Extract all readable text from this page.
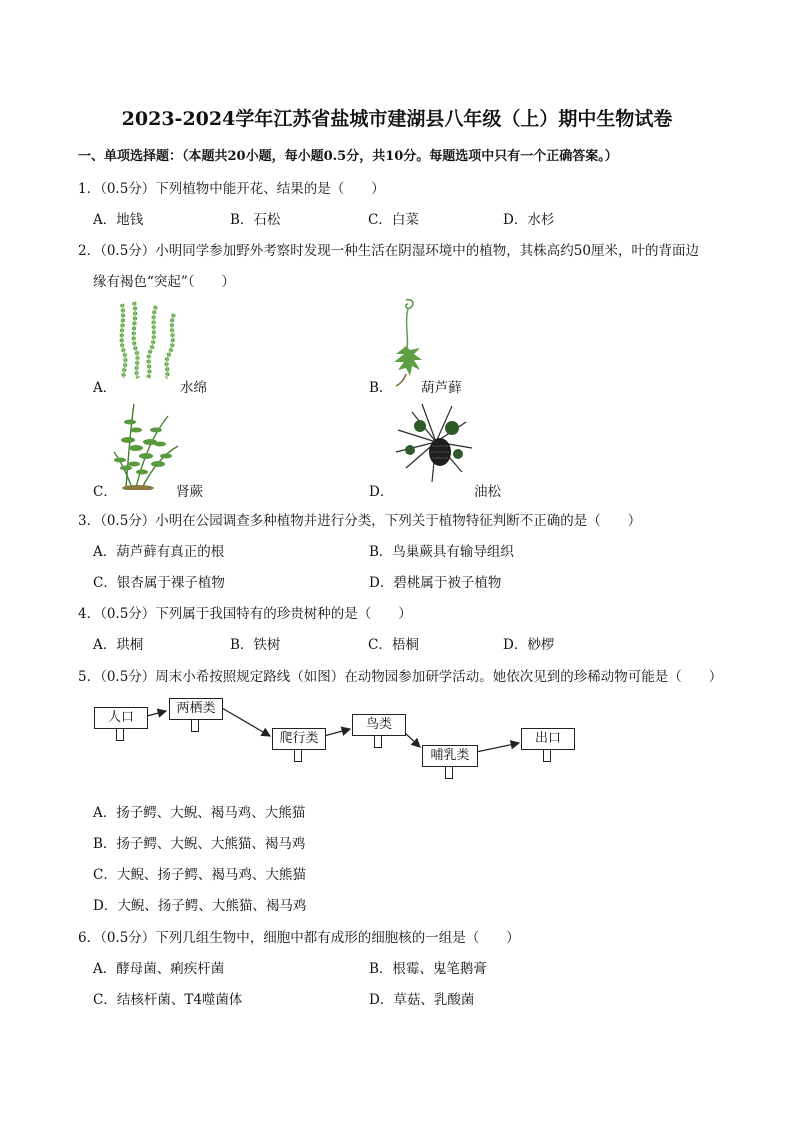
2023-2024学年江苏省盐城市建湖县八年级（上）期中生物试卷
一、单项选择题：（本题共20小题，每小题0.5分，共10分。每题选项中只有一个正确答案。）
1．（0.5分）下列植物中能开花、结果的是（　　）
A．地钱	B．石松	C．白菜	D．水杉
2．（0.5分）小明同学参加野外考察时发现一种生活在阴湿环境中的植物，其株高约50厘米，叶的背面边
缘有褐色“突起”（　　）
A．	水绵	B． 葫芦藓
C．	肾蕨	D．	油松
3．（0.5分）小明在公园调查多种植物并进行分类，下列关于植物特征判断不正确的是（　　）
A．葫芦藓有真正的根	B．鸟巢蕨具有输导组织
C．银杏属于裸子植物	D．碧桃属于被子植物
4．（0.5分）下列属于我国特有的珍贵树种的是（　　）
A．珙桐	B．铁树	C．梧桐	D．桫椤
5．（0.5分）周末小希按照规定路线（如图）在动物园参加研学活动。她依次见到的珍稀动物可能是（　　）
人口
两栖类
爬行类
鸟类
哺乳类
出口
A．扬子鳄、大鲵、褐马鸡、大熊猫
B．扬子鳄、大鲵、大熊猫、褐马鸡
C．大鲵、扬子鳄、褐马鸡、大熊猫
D．大鲵、扬子鳄、大熊猫、褐马鸡
6．（0.5分）下列几组生物中，细胞中都有成形的细胞核的一组是（　　）
A．酵母菌、痢疾杆菌	B．根霉、鬼笔鹅膏
C．结核杆菌、T4噬菌体	D．草菇、乳酸菌
